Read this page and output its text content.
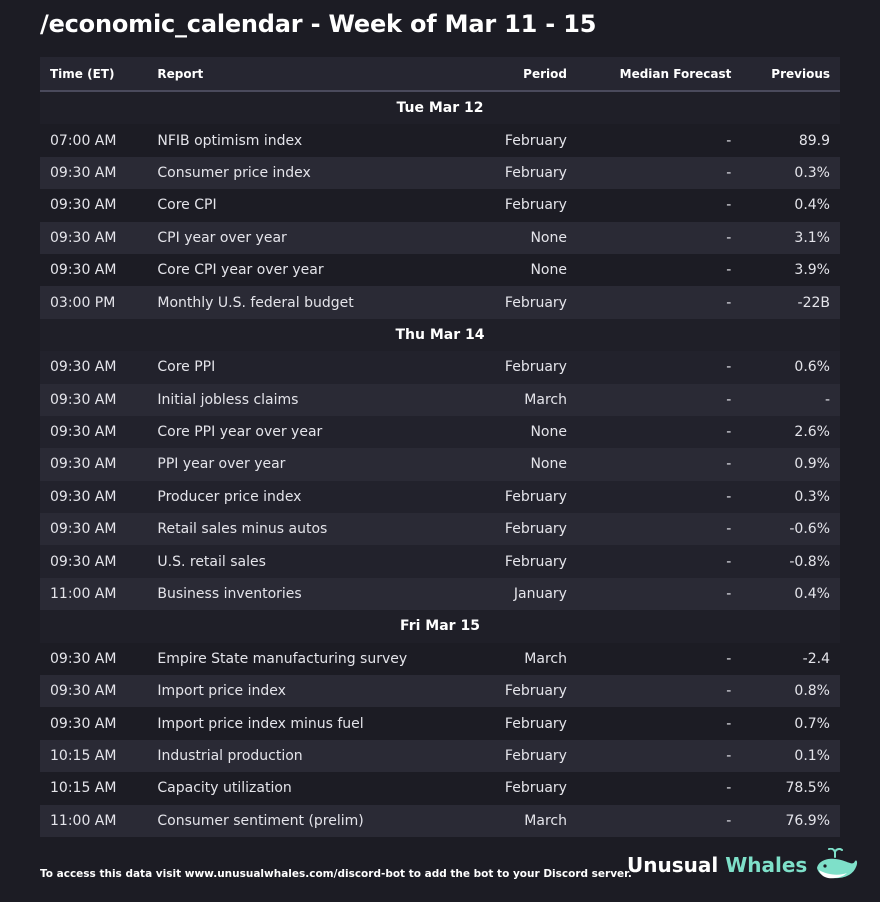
/economic_calendar - Week of Mar 11 - 15
Time (ET)	Report	Period	Median Forecast	Previous
Tue Mar 12				
07:00 AM	NFIB optimism index	February	-	89.9
09:30 AM	Consumer price index	February	-	0.3%
09:30 AM	Core CPI	February	-	0.4%
09:30 AM	CPI year over year	None	-	3.1%
09:30 AM	Core CPI year over year	None	-	3.9%
03:00 PM	Monthly U.S. federal budget	February	-	-22B
Thu Mar 14				
09:30 AM	Core PPI	February	-	0.6%
09:30 AM	Initial jobless claims	March	-	-
09:30 AM	Core PPI year over year	None	-	2.6%
09:30 AM	PPI year over year	None	-	0.9%
09:30 AM	Producer price index	February	-	0.3%
09:30 AM	Retail sales minus autos	February	-	-0.6%
09:30 AM	U.S. retail sales	February	-	-0.8%
11:00 AM	Business inventories	January	-	0.4%
Fri Mar 15				
09:30 AM	Empire State manufacturing survey	March	-	-2.4
09:30 AM	Import price index	February	-	0.8%
09:30 AM	Import price index minus fuel	February	-	0.7%
10:15 AM	Industrial production	February	-	0.1%
10:15 AM	Capacity utilization	February	-	78.5%
11:00 AM	Consumer sentiment (prelim)	March	-	76.9%
To access this data visit www.unusualwhales.com/discord-bot to add the bot to your Discord server.
Unusual Whales
